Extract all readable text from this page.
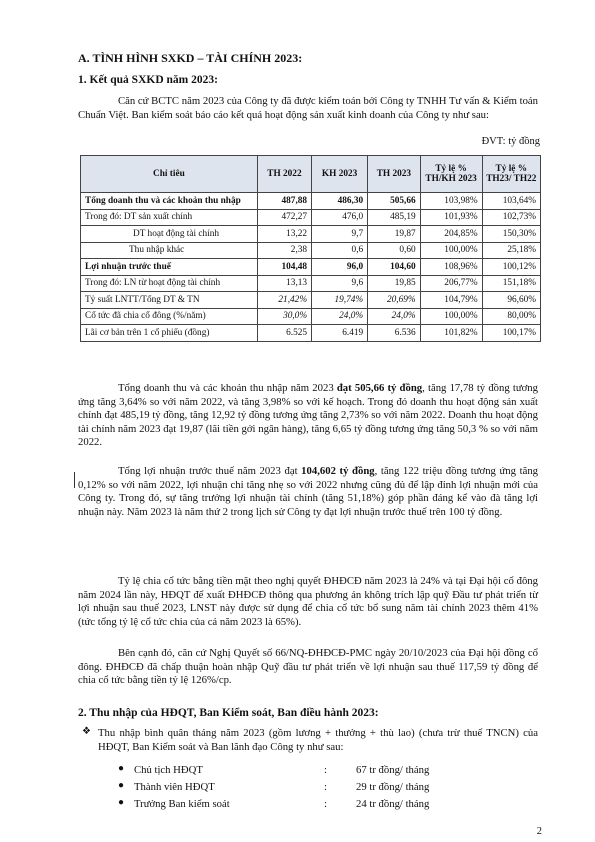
A. TÌNH HÌNH SXKD – TÀI CHÍNH 2023:
1. Kết quả SXKD năm 2023:
Căn cứ BCTC năm 2023 của Công ty đã được kiểm toán bởi Công ty TNHH Tư vấn & Kiểm toán Chuẩn Việt. Ban kiểm soát báo cáo kết quả hoạt động sản xuất kinh doanh của Công ty như sau:
ĐVT: tỷ đồng
Chỉ tiêu	TH 2022	KH 2023	TH 2023	Tỷ lệ % TH/KH 2023	Tỷ lệ % TH23/ TH22
Tổng doanh thu và các khoản thu nhập	487,88	486,30	505,66	103,98%	103,64%
Trong đó: DT sản xuất chính	472,27	476,0	485,19	101,93%	102,73%
DT hoạt động tài chính	13,22	9,7	19,87	204,85%	150,30%
Thu nhập khác	2,38	0,6	0,60	100,00%	25,18%
Lợi nhuận trước thuế	104,48	96,0	104,60	108,96%	100,12%
Trong đó: LN từ hoạt động tài chính	13,13	9,6	19,85	206,77%	151,18%
Tỷ suất LNTT/Tổng DT & TN	21,42%	19,74%	20,69%	104,79%	96,60%
Cổ tức đã chia cổ đông (%/năm)	30,0%	24,0%	24,0%	100,00%	80,00%
Lãi cơ bản trên 1 cổ phiếu (đồng)	6.525	6.419	6.536	101,82%	100,17%
Tổng doanh thu và các khoản thu nhập năm 2023 đạt 505,66 tỷ đồng, tăng 17,78 tỷ đồng tương ứng tăng 3,64% so với năm 2022, và tăng 3,98% so với kế hoạch. Trong đó doanh thu hoạt động sản xuất chính đạt 485,19 tỷ đồng, tăng 12,92 tỷ đồng tương ứng tăng 2,73% so với năm 2022. Doanh thu hoạt động tài chính năm 2023 đạt 19,87 (lãi tiền gởi ngân hàng), tăng 6,65 tỷ đồng tương ứng tăng 50,3 % so với năm 2022.
Tổng lợi nhuận trước thuế năm 2023 đạt 104,602 tỷ đồng, tăng 122 triệu đồng tương ứng tăng 0,12% so với năm 2022, lợi nhuận chỉ tăng nhẹ so với 2022 nhưng cũng đủ để lập đỉnh lợi nhuận mới của Công ty. Trong đó, sự tăng trưởng lợi nhuận tài chính (tăng 51,18%) góp phần đáng kể vào đà tăng lợi nhuận này. Năm 2023 là năm thứ 2 trong lịch sử Công ty đạt lợi nhuận trước thuế trên 100 tỷ đồng.
Tỷ lệ chia cổ tức bằng tiền mặt theo nghị quyết ĐHĐCĐ năm 2023 là 24% và tại Đại hội cổ đông năm 2024 lần này, HĐQT để xuất ĐHĐCĐ thông qua phương án không trích lập quỹ Đầu tư phát triển từ lợi nhuận sau thuế 2023, LNST này được sử dụng để chia cổ tức bổ sung năm tài chính 2023 thêm 41% (tức tổng tỷ lệ cổ tức chia của cả năm 2023 là 65%).
Bên cạnh đó, căn cứ Nghị Quyết số 66/NQ-ĐHĐCĐ-PMC ngày 20/10/2023 của Đại hội đồng cổ đông. ĐHĐCĐ đã chấp thuận hoàn nhập Quỹ đầu tư phát triển về lợi nhuận sau thuế 117,59 tỷ đồng để chia cổ tức bằng tiền tỷ lệ 126%/cp.
2. Thu nhập của HĐQT, Ban Kiểm soát, Ban điều hành 2023:
❖ Thu nhập bình quân tháng năm 2023 (gồm lương + thưởng + thù lao) (chưa trừ thuế TNCN) của HĐQT, Ban Kiểm soát và Ban lãnh đạo Công ty như sau:
● Chủ tịch HĐQT	:	67 tr đồng/ tháng
● Thành viên HĐQT	:	29 tr đồng/ tháng
● Trưởng Ban kiểm soát	:	24 tr đồng/ tháng
2
